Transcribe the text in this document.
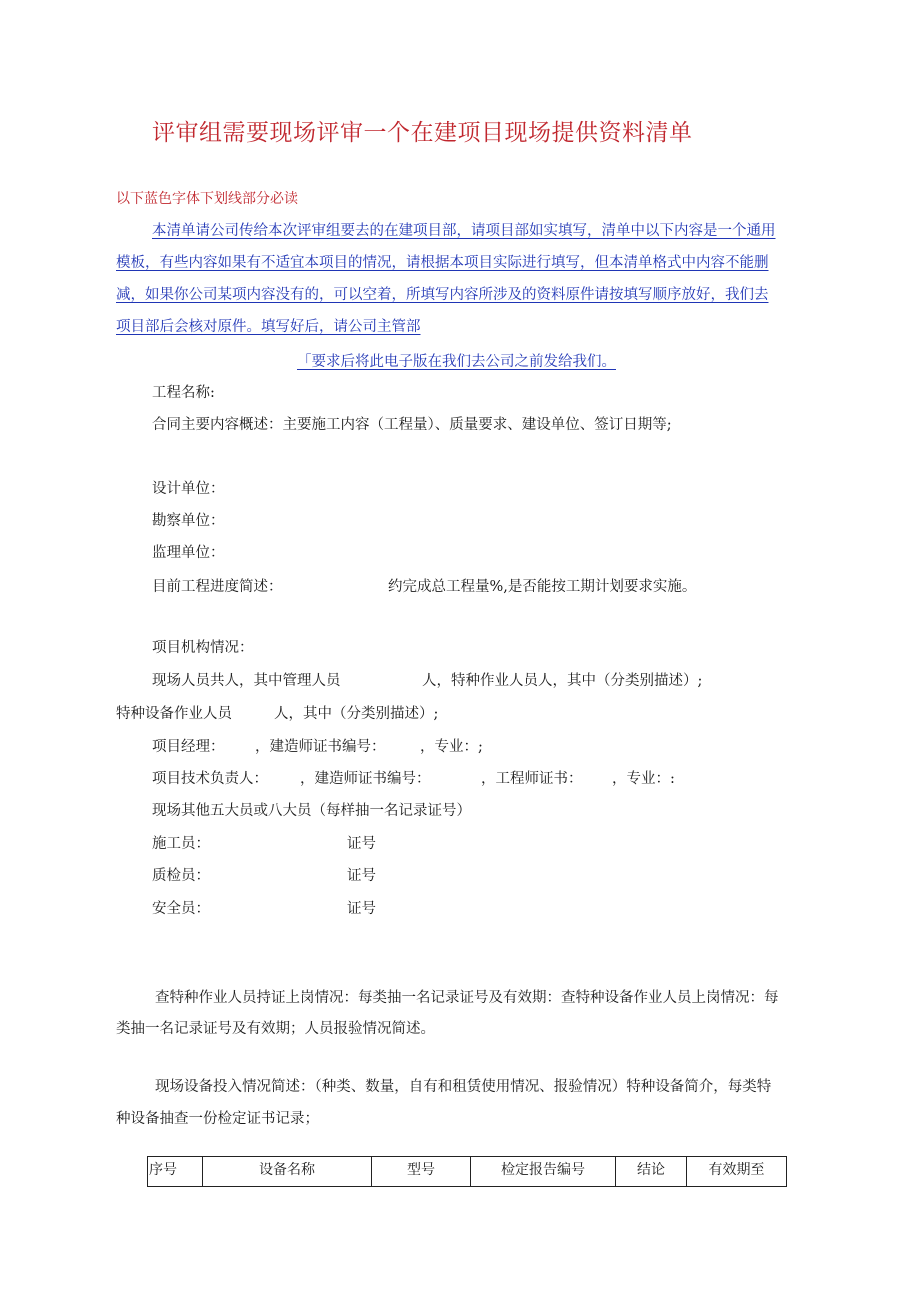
评审组需要现场评审一个在建项目现场提供资料清单
以下蓝色字体下划线部分必读
本清单请公司传给本次评审组要去的在建项目部，请项目部如实填写，清单中以下内容是一个通用
模板，有些内容如果有不适宜本项目的情况，请根据本项目实际进行填写，但本清单格式中内容不能删
减，如果你公司某项内容没有的，可以空着，所填写内容所涉及的资料原件请按填写顺序放好，我们去
项目部后会核对原件。填写好后，请公司主管部
「要求后将此电子版在我们去公司之前发给我们。
工程名称:
合同主要内容概述：主要施工内容（工程量）、质量要求、建设单位、签订日期等;
设计单位：
勘察单位：
监理单位：
目前工程进度简述：	约完成总工程量%,是否能按工期计划要求实施。
项目机构情况：
现场人员共人，其中管理人员	人，特种作业人员人，其中（分类别描述）;
特种设备作业人员	人，其中（分类别描述）;
项目经理： ，建造师证书编号： ，专业：;
项目技术负责人： ，建造师证书编号：	，工程师证书： ，专业：:
现场其他五大员或八大员（每样抽一名记录证号）
施工员：	证号
质检员：	证号
安全员：	证号
查特种作业人员持证上岗情况：每类抽一名记录证号及有效期：查特种设备作业人员上岗情况：每
类抽一名记录证号及有效期；人员报验情况简述。
现场设备投入情况简述：（种类、数量，自有和租赁使用情况、报验情况）特种设备简介，每类特
种设备抽查一份检定证书记录；
序号	设备名称	型号	检定报告编号	结论	有效期至
